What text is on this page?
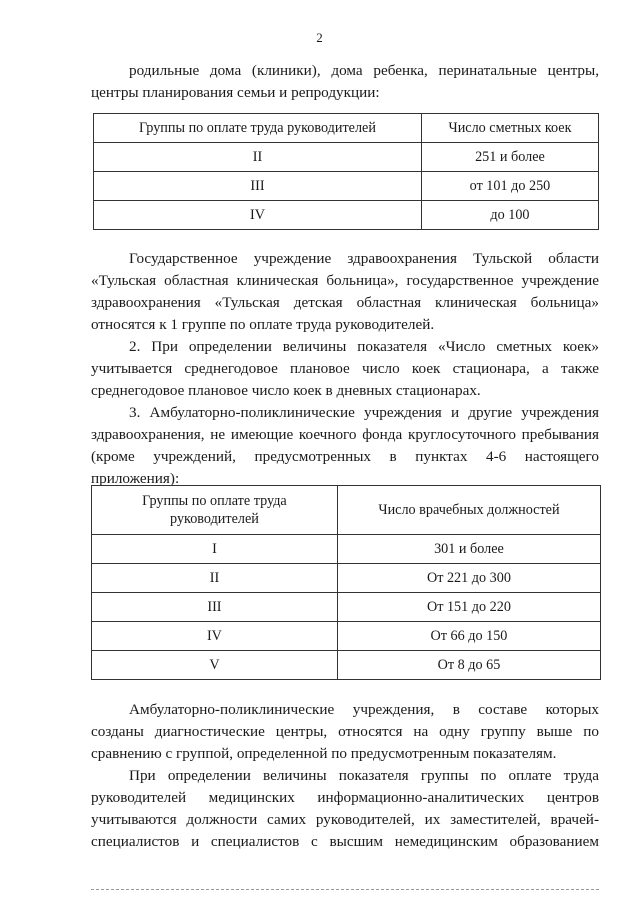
2
родильные дома (клиники), дома ребенка, перинатальные центры,
центры планирования семьи и репродукции:
Группы по оплате труда руководителей	Число сметных коек
II	251 и более
III	от 101 до 250
IV	до 100
Государственное учреждение здравоохранения Тульской области
«Тульская областная клиническая больница», государственное учреждение
здравоохранения «Тульская детская областная клиническая больница»
относятся к 1 группе по оплате труда руководителей.
2. При определении величины показателя «Число сметных коек»
учитывается среднегодовое плановое число коек стационара, а также
среднегодовое плановое число коек в дневных стационарах.
3. Амбулаторно-поликлинические учреждения и другие учреждения
здравоохранения, не имеющие коечного фонда круглосуточного пребывания
(кроме учреждений, предусмотренных в пунктах 4-6 настоящего
приложения):
Группы по оплате труда руководителей	Число врачебных должностей
I	301 и более
II	От 221 до 300
III	От 151 до 220
IV	От 66 до 150
V	От 8 до 65
Амбулаторно-поликлинические учреждения, в составе которых
созданы диагностические центры, относятся на одну группу выше по
сравнению с группой, определенной по предусмотренным показателям.
При определении величины показателя группы по оплате труда
руководителей медицинских информационно-аналитических центров
учитываются должности самих руководителей, их заместителей, врачей-
специалистов и специалистов с высшим немедицинским образованием
